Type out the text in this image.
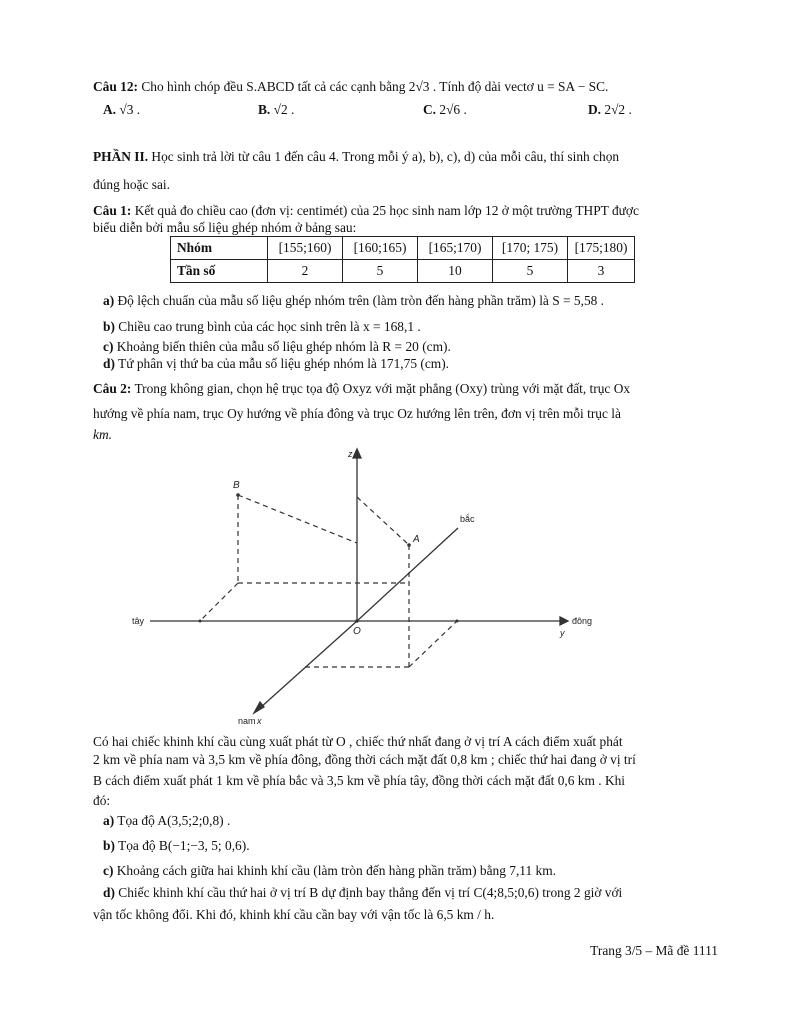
Câu 12: Cho hình chóp đều S.ABCD tất cả các cạnh bằng 2√3 . Tính độ dài vectơ u = SA − SC.
A. √3 .	B. √2 .	C. 2√6 .	D. 2√2 .
PHẦN II. Học sinh trả lời từ câu 1 đến câu 4. Trong mỗi ý a), b), c), d) của mỗi câu, thí sinh chọn
đúng hoặc sai.
Câu 1: Kết quả đo chiều cao (đơn vị: centimét) của 25 học sinh nam lớp 12 ở một trường THPT được
biểu diễn bởi mẫu số liệu ghép nhóm ở bảng sau:
Nhóm	[155;160)	[160;165)	[165;170)	[170; 175)	[175;180)
Tần số	2	5	10	5	3
a) Độ lệch chuẩn của mẫu số liệu ghép nhóm trên (làm tròn đến hàng phần trăm) là S = 5,58 .
b) Chiều cao trung bình của các học sinh trên là x = 168,1 .
c) Khoảng biến thiên của mẫu số liệu ghép nhóm là R = 20 (cm).
d) Tứ phân vị thứ ba của mẫu số liệu ghép nhóm là 171,75 (cm).
Câu 2: Trong không gian, chọn hệ trục tọa độ Oxyz với mặt phẳng (Oxy) trùng với mặt đất, trục Ox
hướng về phía nam, trục Oy hướng về phía đông và trục Oz hướng lên trên, đơn vị trên mỗi trục là
km.
z
B
A
bắc
tây
O
đông
y
nam x
Có hai chiếc khinh khí cầu cùng xuất phát từ O , chiếc thứ nhất đang ở vị trí A cách điểm xuất phát
2 km về phía nam và 3,5 km về phía đông, đồng thời cách mặt đất 0,8 km ; chiếc thứ hai đang ở vị trí
B cách điểm xuất phát 1 km về phía bắc và 3,5 km về phía tây, đồng thời cách mặt đất 0,6 km . Khi
đó:
a) Tọa độ A(3,5;2;0,8) .
b) Tọa độ B(−1;−3, 5; 0,6).
c) Khoảng cách giữa hai khinh khí cầu (làm tròn đến hàng phần trăm) bằng 7,11 km.
d) Chiếc khinh khí cầu thứ hai ở vị trí B dự định bay thẳng đến vị trí C(4;8,5;0,6) trong 2 giờ với
vận tốc không đổi. Khi đó, khinh khí cầu cần bay với vận tốc là 6,5 km / h.
Trang 3/5 – Mã đề 1111
